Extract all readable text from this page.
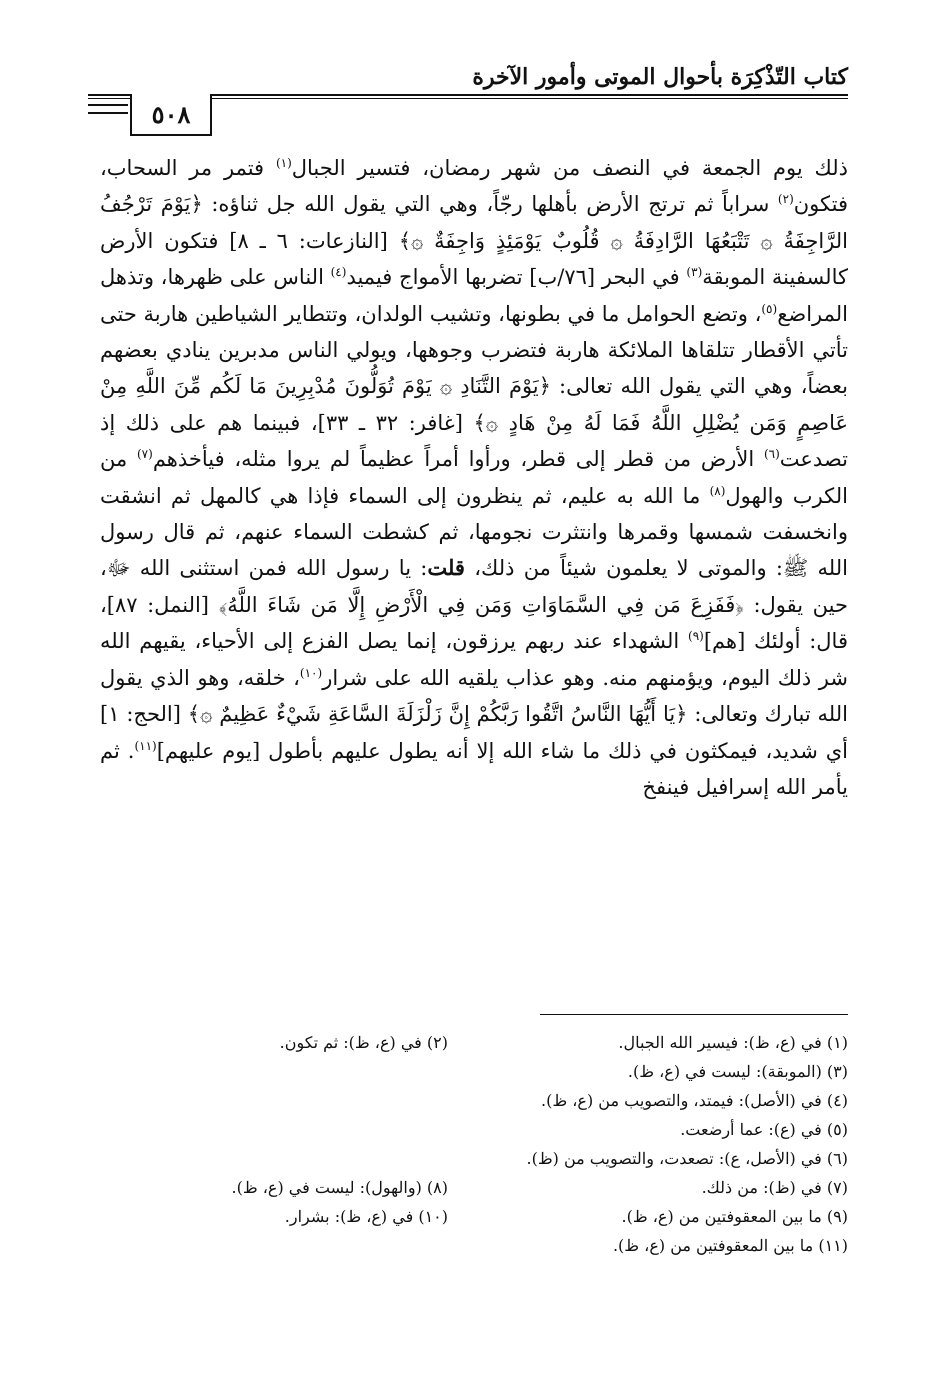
كتاب التّذْكِرَة بأحوال الموتى وأمور الآخرة
٥٠٨

ذلك يوم الجمعة في النصف من شهر رمضان، فتسير الجبال$^{(١)}$ فتمر مر السحاب، فتكون$^{(٢)}$ سراباً ثم ترتج الأرض بأهلها رجّاً، وهي التي يقول الله جل ثناؤه: ﴿يَوْمَ تَرْجُفُ الرَّاجِفَةُ ۞ تَتْبَعُهَا الرَّادِفَةُ ۞ قُلُوبٌ يَوْمَئِذٍ وَاجِفَةٌ ۞﴾ [النازعات: ٦ ـ ٨] فتكون الأرض كالسفينة الموبقة$^{(٣)}$ في البحر [٧٦/ب] تضربها الأمواج فيميد$^{(٤)}$ الناس على ظهرها، وتذهل المراضع$^{(٥)}$، وتضع الحوامل ما في بطونها، وتشيب الولدان، وتتطاير الشياطين هاربة حتى تأتي الأقطار تتلقاها الملائكة هاربة فتضرب وجوهها، ويولي الناس مدبرين ينادي بعضهم بعضاً، وهي التي يقول الله تعالى: ﴿يَوْمَ التَّنَادِ ۞ يَوْمَ تُوَلُّونَ مُدْبِرِينَ مَا لَكُم مِّنَ اللَّهِ مِنْ عَاصِمٍ وَمَن يُضْلِلِ اللَّهُ فَمَا لَهُ مِنْ هَادٍ ۞﴾ [غافر: ٣٢ ـ ٣٣]، فبينما هم على ذلك إذ تصدعت$^{(٦)}$ الأرض من قطر إلى قطر، ورأوا أمراً عظيماً لم يروا مثله، فيأخذهم$^{(٧)}$ من الكرب والهول$^{(٨)}$ ما الله به عليم، ثم ينظرون إلى السماء فإذا هي كالمهل ثم انشقت وانخسفت شمسها وقمرها وانتثرت نجومها، ثم كشطت السماء عنهم، ثم قال رسول الله ﷺ: والموتى لا يعلمون شيئاً من ذلك، قلت: يا رسول الله فمن استثنى الله ﷻ، حين يقول: ﴿فَفَزِعَ مَن فِي السَّمَاوَاتِ وَمَن فِي الْأَرْضِ إِلَّا مَن شَاءَ اللَّهُ﴾ [النمل: ٨٧]، قال: أولئك [هم]$^{(٩)}$ الشهداء عند ربهم يرزقون، إنما يصل الفزع إلى الأحياء، يقيهم الله شر ذلك اليوم، ويؤمنهم منه. وهو عذاب يلقيه الله على شرار$^{(١٠)}$، خلقه، وهو الذي يقول الله تبارك وتعالى: ﴿يَا أَيُّهَا النَّاسُ اتَّقُوا رَبَّكُمْ إِنَّ زَلْزَلَةَ السَّاعَةِ شَيْءٌ عَظِيمٌ ۞﴾ [الحج: ١] أي شديد، فيمكثون في ذلك ما شاء الله إلا أنه يطول عليهم بأطول [يوم عليهم]$^{(١١)}$. ثم يأمر الله إسرافيل فينفخ

(١) في (ع، ظ): فيسير الله الجبال.
(٢) في (ع، ظ): ثم تكون.
(٣) (الموبقة): ليست في (ع، ظ).
(٤) في (الأصل): فيمتد، والتصويب من (ع، ظ).
(٥) في (ع): عما أرضعت.
(٦) في (الأصل، ع): تصعدت، والتصويب من (ظ).
(٧) في (ظ): من ذلك.
(٨) (والهول): ليست في (ع، ظ).
(٩) ما بين المعقوفتين من (ع، ظ).
(١٠) في (ع، ظ): بشرار.
(١١) ما بين المعقوفتين من (ع، ظ).
